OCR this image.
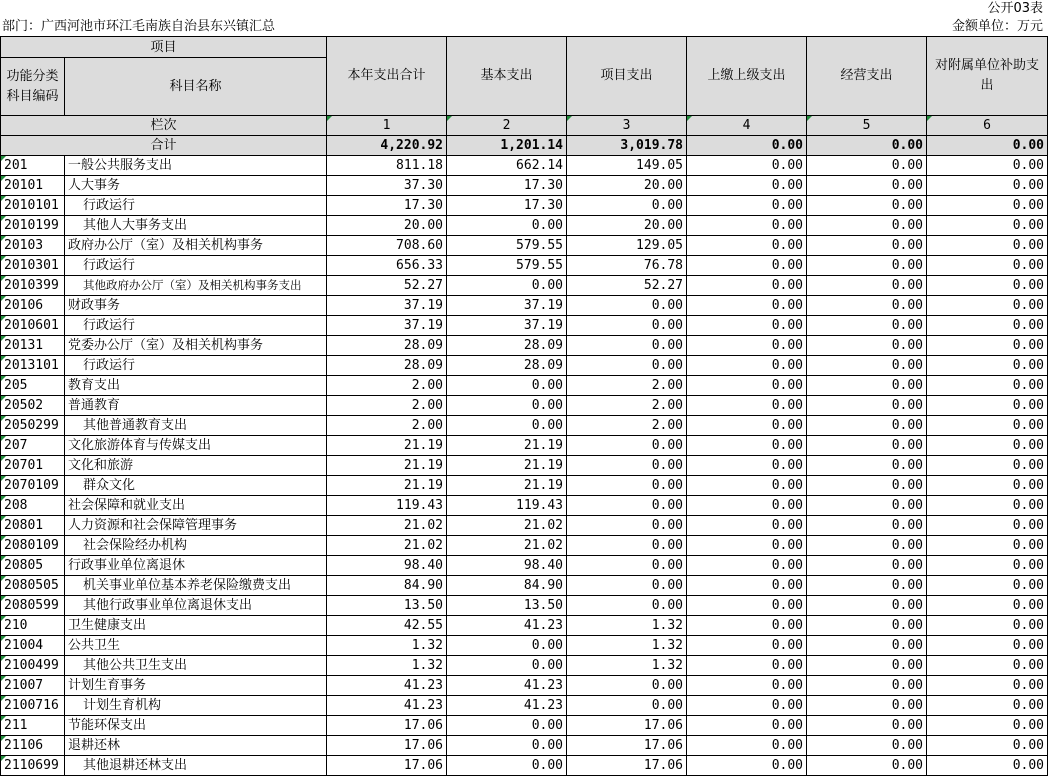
公开03表
部门：广西河池市环江毛南族自治县东兴镇汇总	金额单位：万元
项目		本年支出合计	基本支出	项目支出	上缴上级支出	经营支出	对附属单位补助支出
功能分类科目编码	科目名称						
栏次		1	2	3	4	5	6
合计		4,220.92	1,201.14	3,019.78	0.00	0.00	0.00

201	一般公共服务支出	811.18	662.14	149.05	0.00	0.00	0.00

20101	人大事务	37.30	17.30	20.00	0.00	0.00	0.00

2010101	行政运行	17.30	17.30	0.00	0.00	0.00	0.00

2010199	其他人大事务支出	20.00	0.00	20.00	0.00	0.00	0.00

20103	政府办公厅（室）及相关机构事务	708.60	579.55	129.05	0.00	0.00	0.00

2010301	行政运行	656.33	579.55	76.78	0.00	0.00	0.00

2010399	其他政府办公厅（室）及相关机构事务支出	52.27	0.00	52.27	0.00	0.00	0.00

20106	财政事务	37.19	37.19	0.00	0.00	0.00	0.00

2010601	行政运行	37.19	37.19	0.00	0.00	0.00	0.00

20131	党委办公厅（室）及相关机构事务	28.09	28.09	0.00	0.00	0.00	0.00

2013101	行政运行	28.09	28.09	0.00	0.00	0.00	0.00

205	教育支出	2.00	0.00	2.00	0.00	0.00	0.00

20502	普通教育	2.00	0.00	2.00	0.00	0.00	0.00

2050299	其他普通教育支出	2.00	0.00	2.00	0.00	0.00	0.00

207	文化旅游体育与传媒支出	21.19	21.19	0.00	0.00	0.00	0.00

20701	文化和旅游	21.19	21.19	0.00	0.00	0.00	0.00

2070109	群众文化	21.19	21.19	0.00	0.00	0.00	0.00

208	社会保障和就业支出	119.43	119.43	0.00	0.00	0.00	0.00

20801	人力资源和社会保障管理事务	21.02	21.02	0.00	0.00	0.00	0.00

2080109	社会保险经办机构	21.02	21.02	0.00	0.00	0.00	0.00

20805	行政事业单位离退休	98.40	98.40	0.00	0.00	0.00	0.00

2080505	机关事业单位基本养老保险缴费支出	84.90	84.90	0.00	0.00	0.00	0.00

2080599	其他行政事业单位离退休支出	13.50	13.50	0.00	0.00	0.00	0.00

210	卫生健康支出	42.55	41.23	1.32	0.00	0.00	0.00

21004	公共卫生	1.32	0.00	1.32	0.00	0.00	0.00

2100499	其他公共卫生支出	1.32	0.00	1.32	0.00	0.00	0.00

21007	计划生育事务	41.23	41.23	0.00	0.00	0.00	0.00

2100716	计划生育机构	41.23	41.23	0.00	0.00	0.00	0.00

211	节能环保支出	17.06	0.00	17.06	0.00	0.00	0.00

21106	退耕还林	17.06	0.00	17.06	0.00	0.00	0.00

2110699	其他退耕还林支出	17.06	0.00	17.06	0.00	0.00	0.00
